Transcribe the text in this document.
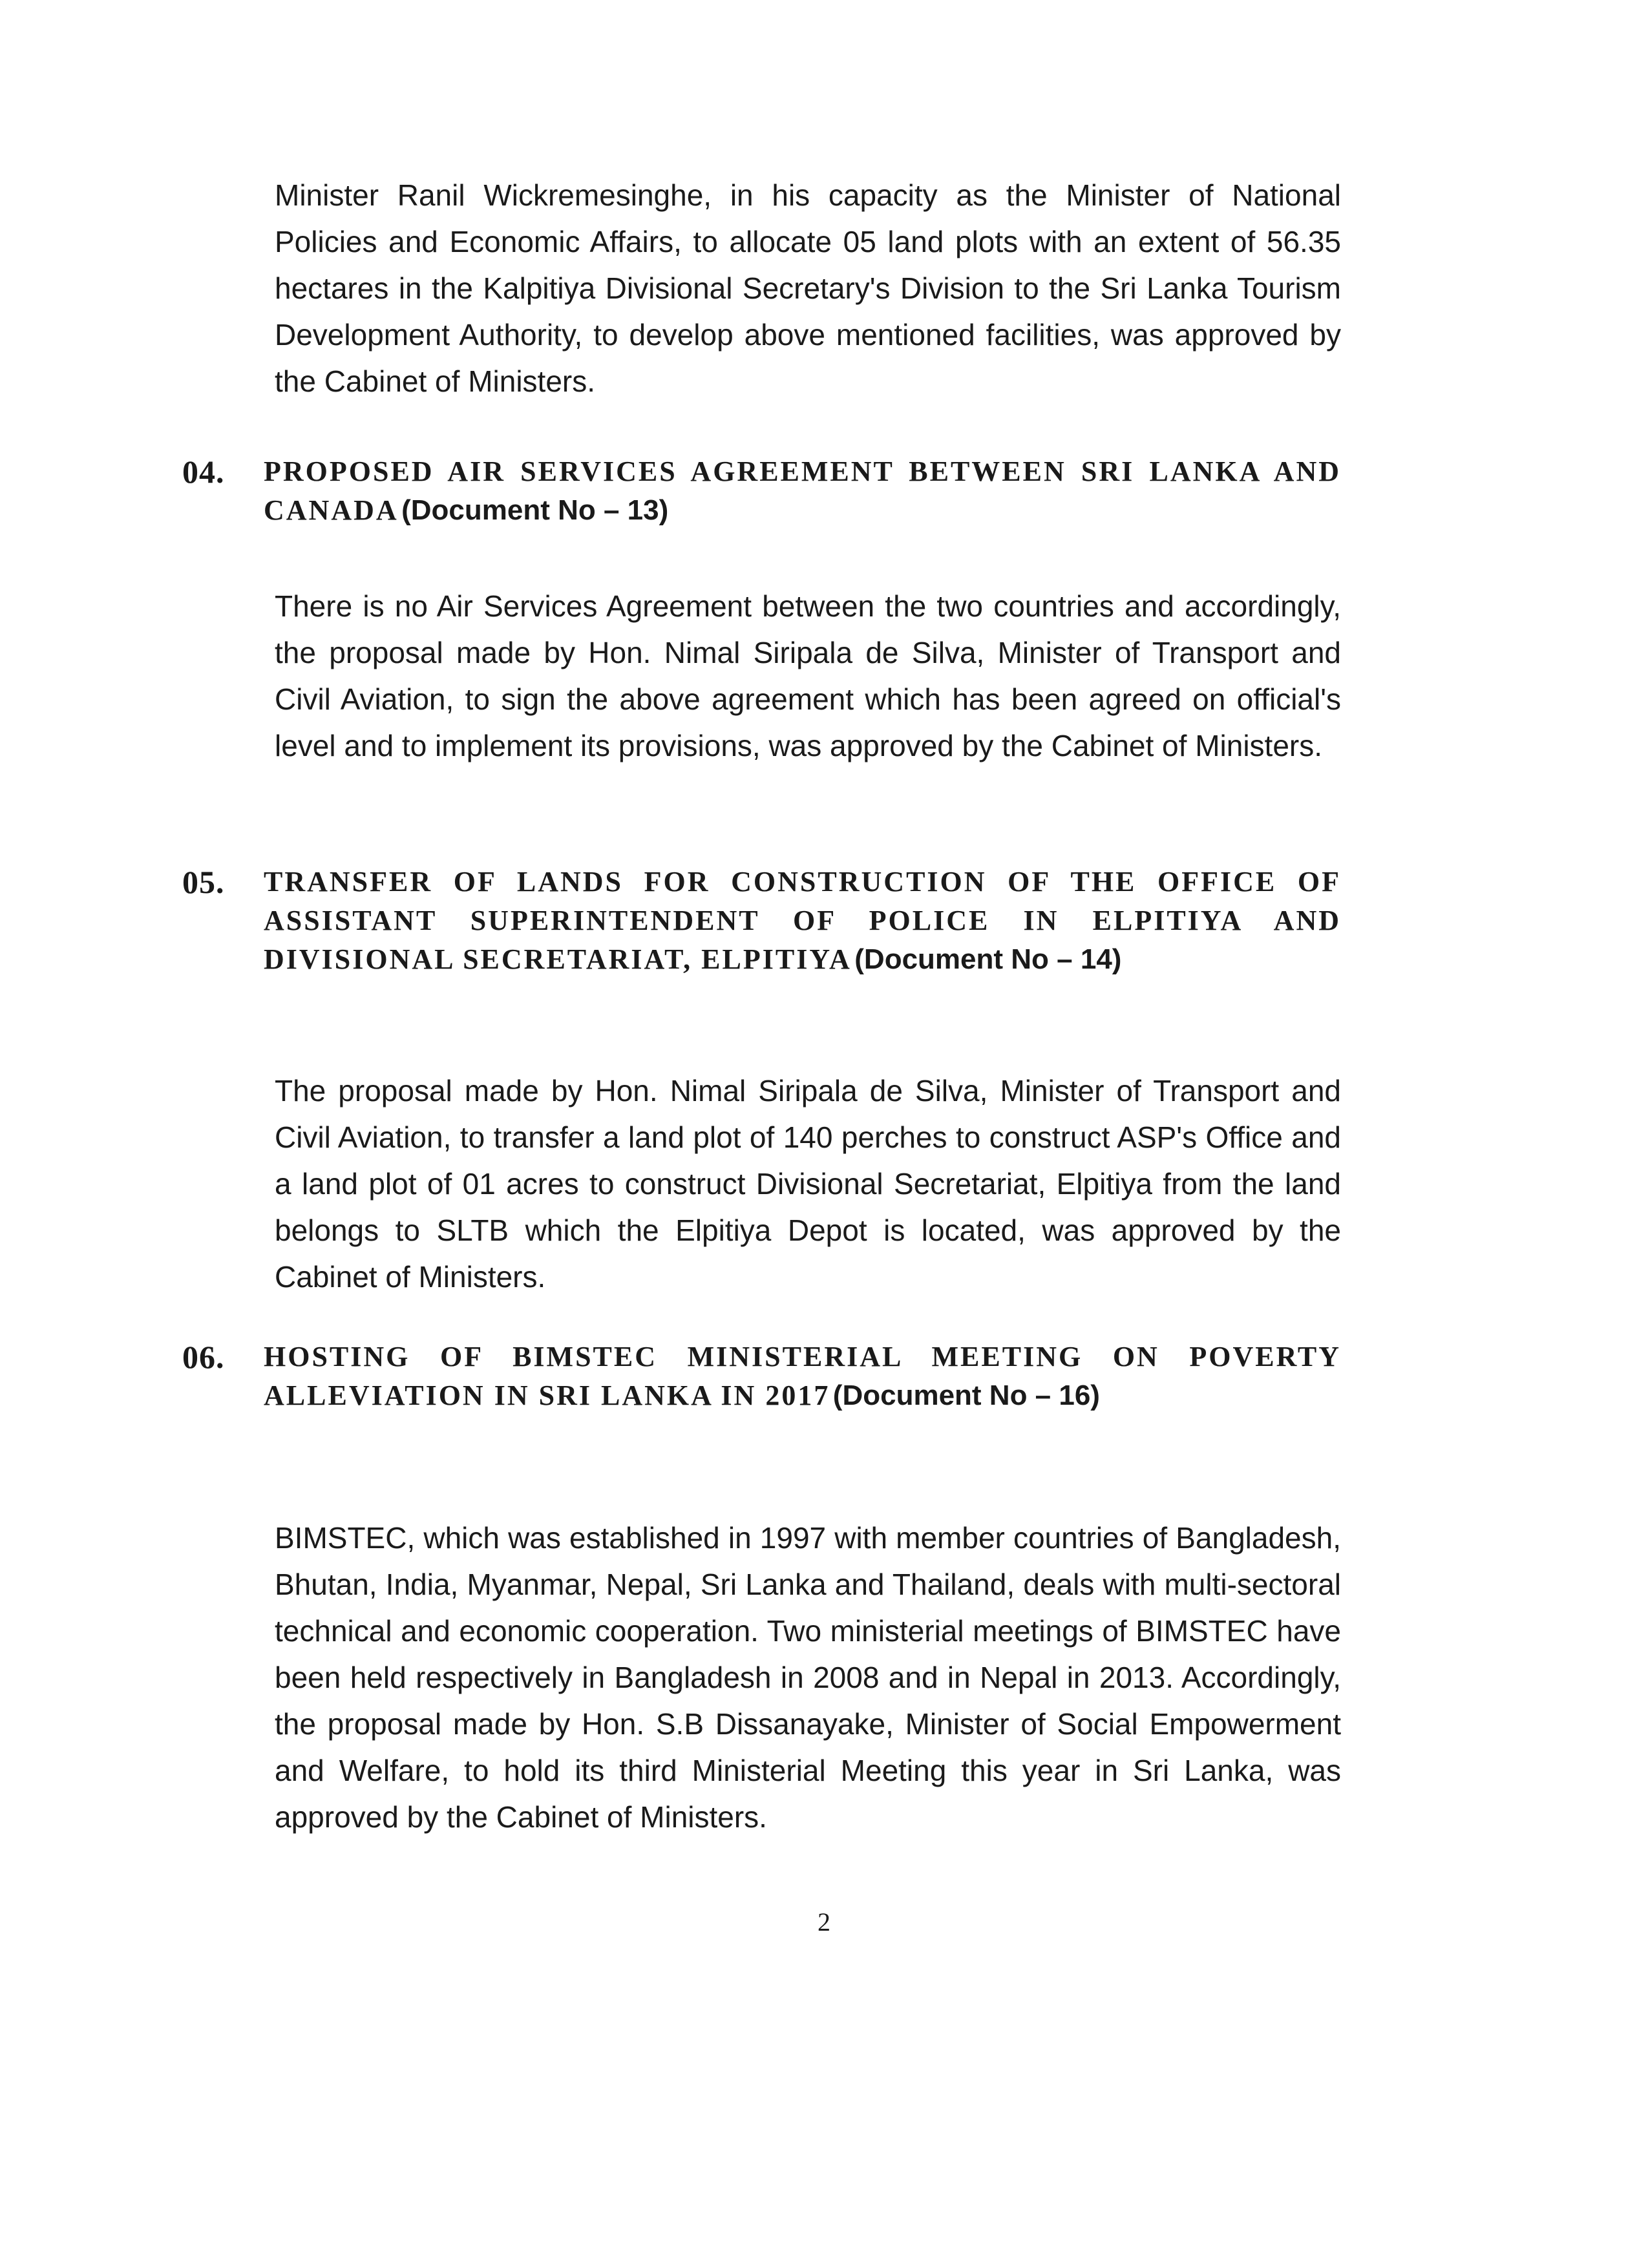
Minister Ranil Wickremesinghe, in his capacity as the Minister of National Policies and Economic Affairs, to allocate 05 land plots with an extent of 56.35 hectares in the Kalpitiya Divisional Secretary's Division to the Sri Lanka Tourism Development Authority, to develop above mentioned facilities, was approved by the Cabinet of Ministers.

04. PROPOSED AIR SERVICES AGREEMENT BETWEEN SRI LANKA AND CANADA (Document No – 13)

There is no Air Services Agreement between the two countries and accordingly, the proposal made by Hon. Nimal Siripala de Silva, Minister of Transport and Civil Aviation, to sign the above agreement which has been agreed on official's level and to implement its provisions, was approved by the Cabinet of Ministers.

05. TRANSFER OF LANDS FOR CONSTRUCTION OF THE OFFICE OF ASSISTANT SUPERINTENDENT OF POLICE IN ELPITIYA AND DIVISIONAL SECRETARIAT, ELPITIYA (Document No – 14)

The proposal made by Hon. Nimal Siripala de Silva, Minister of Transport and Civil Aviation, to transfer a land plot of 140 perches to construct ASP's Office and a land plot of 01 acres to construct Divisional Secretariat, Elpitiya from the land belongs to SLTB which the Elpitiya Depot is located, was approved by the Cabinet of Ministers.

06. HOSTING OF BIMSTEC MINISTERIAL MEETING ON POVERTY ALLEVIATION IN SRI LANKA IN 2017 (Document No – 16)

BIMSTEC, which was established in 1997 with member countries of Bangladesh, Bhutan, India, Myanmar, Nepal, Sri Lanka and Thailand, deals with multi-sectoral technical and economic cooperation. Two ministerial meetings of BIMSTEC have been held respectively in Bangladesh in 2008 and in Nepal in 2013. Accordingly, the proposal made by Hon. S.B Dissanayake, Minister of Social Empowerment and Welfare, to hold its third Ministerial Meeting this year in Sri Lanka, was approved by the Cabinet of Ministers.

2
